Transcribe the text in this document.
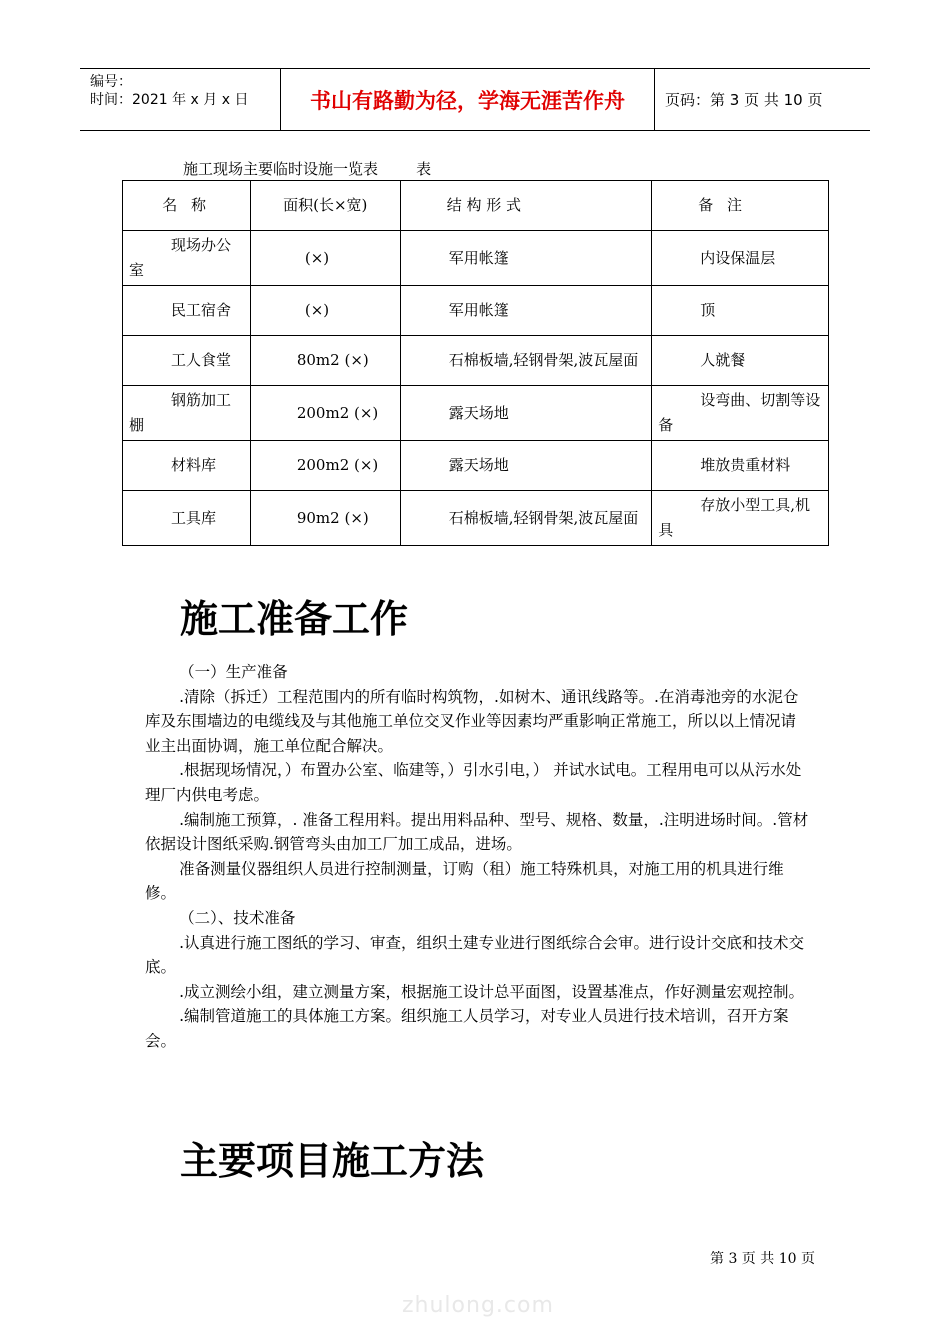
编号：
时间：2021 年 x 月 x 日	书山有路勤为径，学海无涯苦作舟	页码：第 3 页 共 10 页
施工现场主要临时设施一览表        表
名 称	面积(长×宽)	结 构 形 式	备 注
现场办公室	(×)	军用帐篷	内设保温层
民工宿舍	(×)	军用帐篷	顶
工人食堂	80m2 (×)	石棉板墙,轻钢骨架,波瓦屋面	人就餐
钢筋加工棚	200m2 (×)	露天场地	设弯曲、切割等设备
材料库	200m2 (×)	露天场地	堆放贵重材料
工具库	90m2 (×)	石棉板墙,轻钢骨架,波瓦屋面	存放小型工具,机具
施工准备工作

（一）生产准备

.清除（拆迁）工程范围内的所有临时构筑物，.如树木、通讯线路等。.在消毒池旁的水泥仓库及东围墙边的电缆线及与其他施工单位交叉作业等因素均严重影响正常施工，所以以上情况请业主出面协调，施工单位配合解决。

.根据现场情况，）布置办公室、临建等，）引水引电，） 并试水试电。工程用电可以从污水处理厂内供电考虑。

.编制施工预算，. 准备工程用料。提出用料品种、型号、规格、数量，.注明进场时间。.管材依据设计图纸采购.钢管弯头由加工厂加工成品，进场。

准备测量仪器组织人员进行控制测量，订购（租）施工特殊机具，对施工用的机具进行维修。

（二）、技术准备

.认真进行施工图纸的学习、审查，组织土建专业进行图纸综合会审。进行设计交底和技术交底。

.成立测绘小组，建立测量方案，根据施工设计总平面图，设置基准点，作好测量宏观控制。

.编制管道施工的具体施工方案。组织施工人员学习，对专业人员进行技术培训，召开方案会。

主要项目施工方法
第 3 页 共 10 页
zhulong.com
